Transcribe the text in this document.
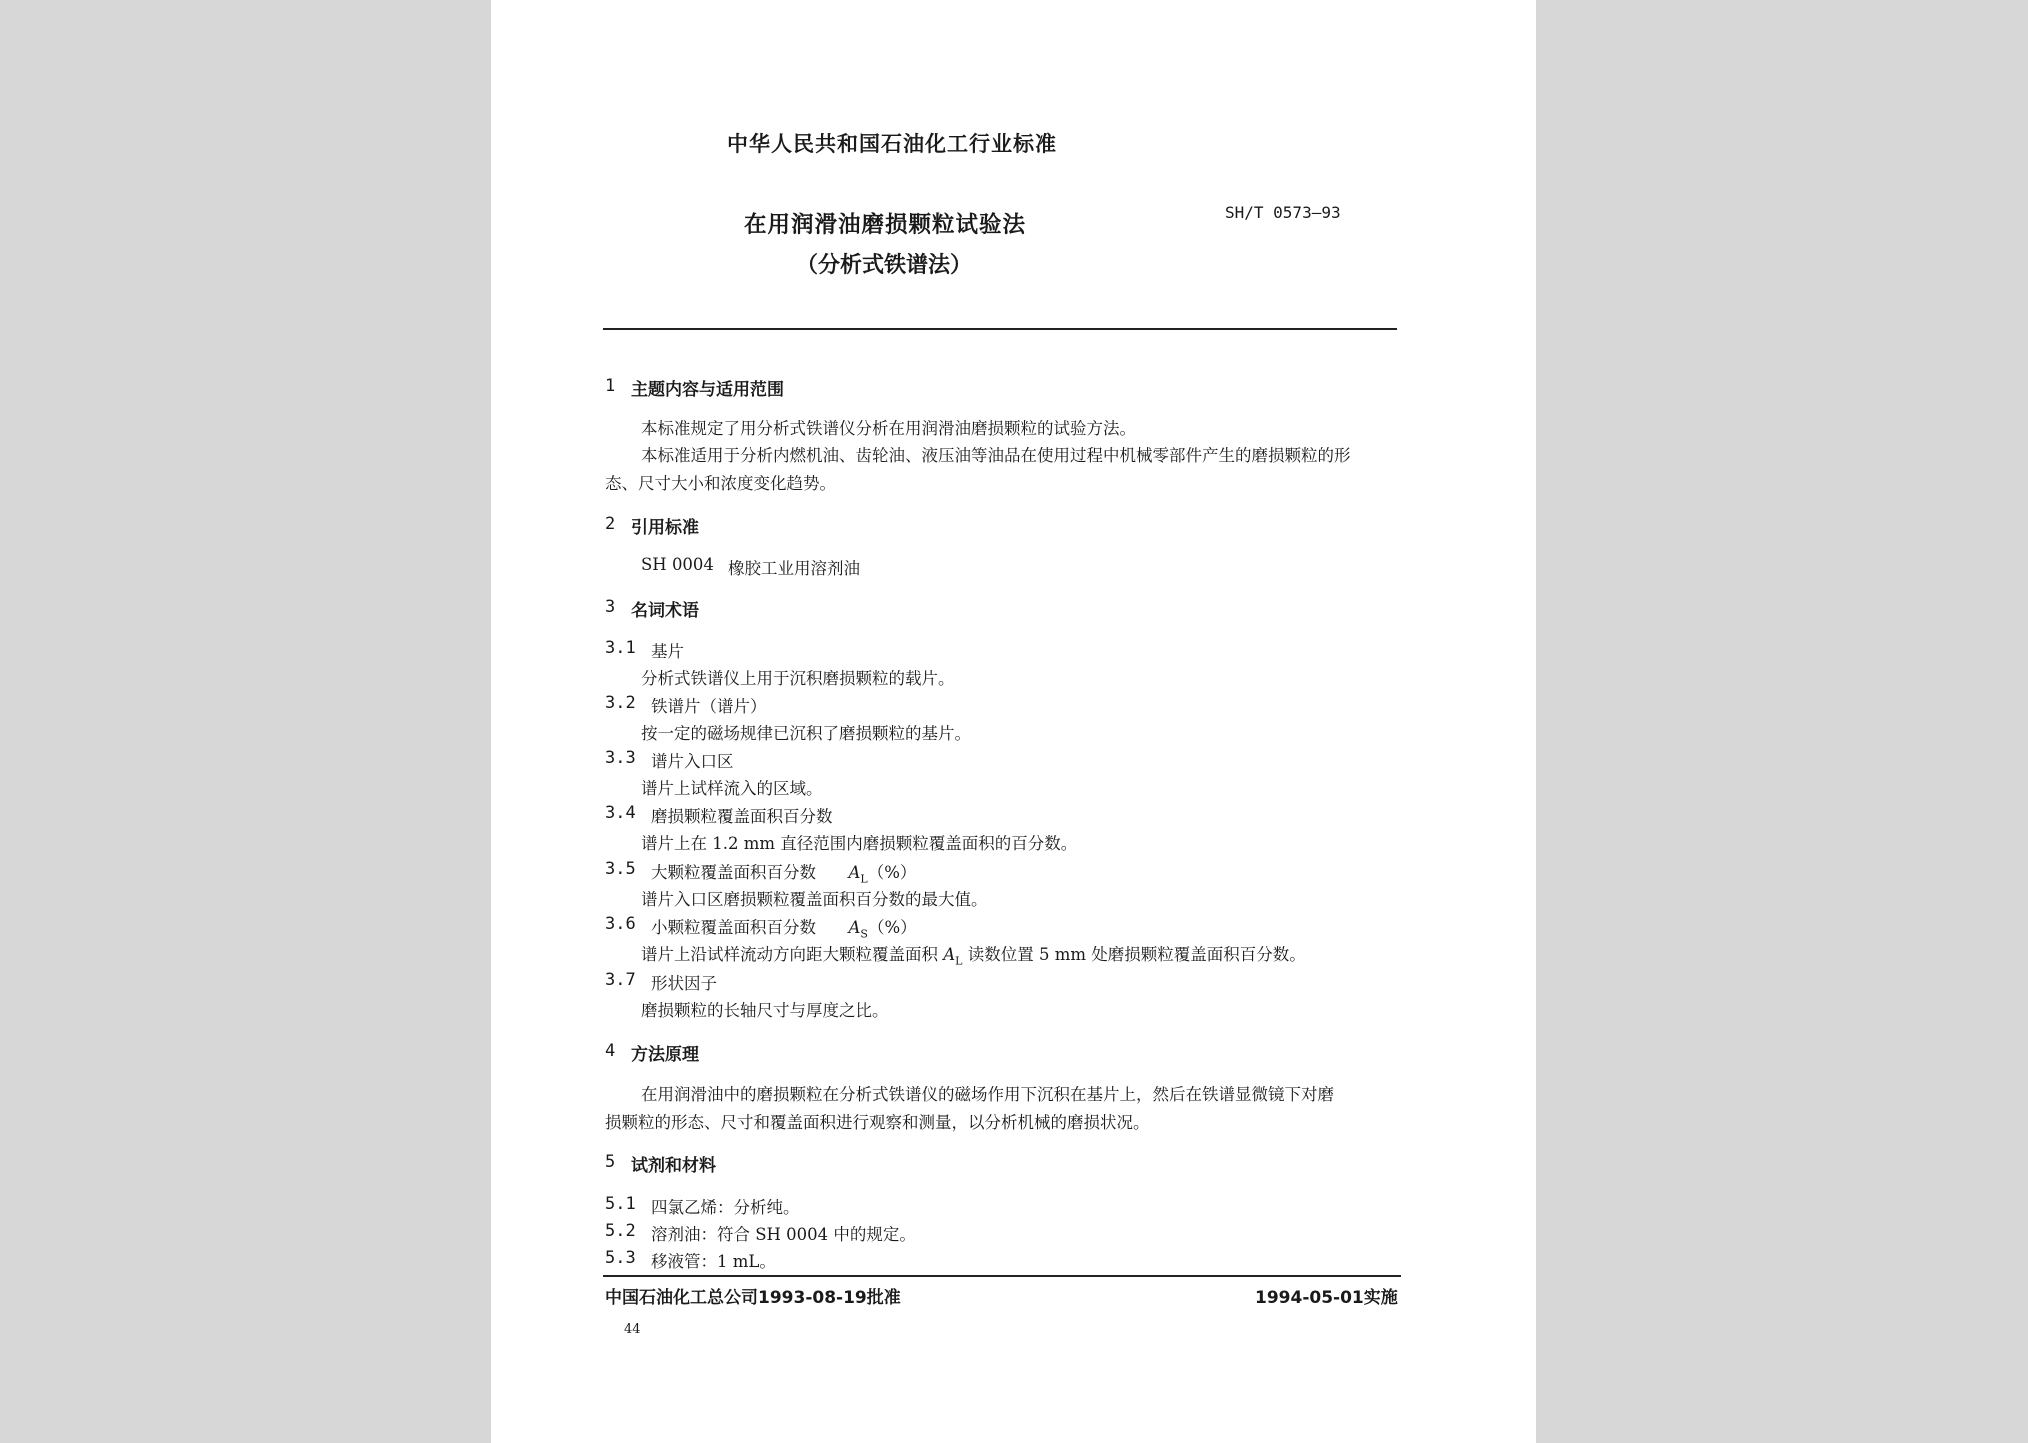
中华人民共和国石油化工行业标准
在用润滑油磨损颗粒试验法
（分析式铁谱法）
SH/T 0573—93
1 主题内容与适用范围
本标准规定了用分析式铁谱仪分析在用润滑油磨损颗粒的试验方法。
本标准适用于分析内燃机油、齿轮油、液压油等油品在使用过程中机械零部件产生的磨损颗粒的形
态、尺寸大小和浓度变化趋势。
2 引用标准
SH 0004 橡胶工业用溶剂油
3 名词术语
3.1 基片
分析式铁谱仪上用于沉积磨损颗粒的载片。
3.2 铁谱片（谱片）
按一定的磁场规律已沉积了磨损颗粒的基片。
3.3 谱片入口区
谱片上试样流入的区域。
3.4 磨损颗粒覆盖面积百分数
谱片上在 1.2 mm 直径范围内磨损颗粒覆盖面积的百分数。
3.5 大颗粒覆盖面积百分数 $A_L(\%)$
谱片入口区磨损颗粒覆盖面积百分数的最大值。
3.6 小颗粒覆盖面积百分数 $A_S(\%)$
谱片上沿试样流动方向距大颗粒覆盖面积 $A_L$ 读数位置 5 mm 处磨损颗粒覆盖面积百分数。
3.7 形状因子
磨损颗粒的长轴尺寸与厚度之比。
4 方法原理
在用润滑油中的磨损颗粒在分析式铁谱仪的磁场作用下沉积在基片上，然后在铁谱显微镜下对磨
损颗粒的形态、尺寸和覆盖面积进行观察和测量，以分析机械的磨损状况。
5 试剂和材料
5.1 四氯乙烯：分析纯。
5.2 溶剂油：符合 SH 0004 中的规定。
5.3 移液管：1 mL。
中国石油化工总公司1993-08-19批准	1994-05-01实施
44
